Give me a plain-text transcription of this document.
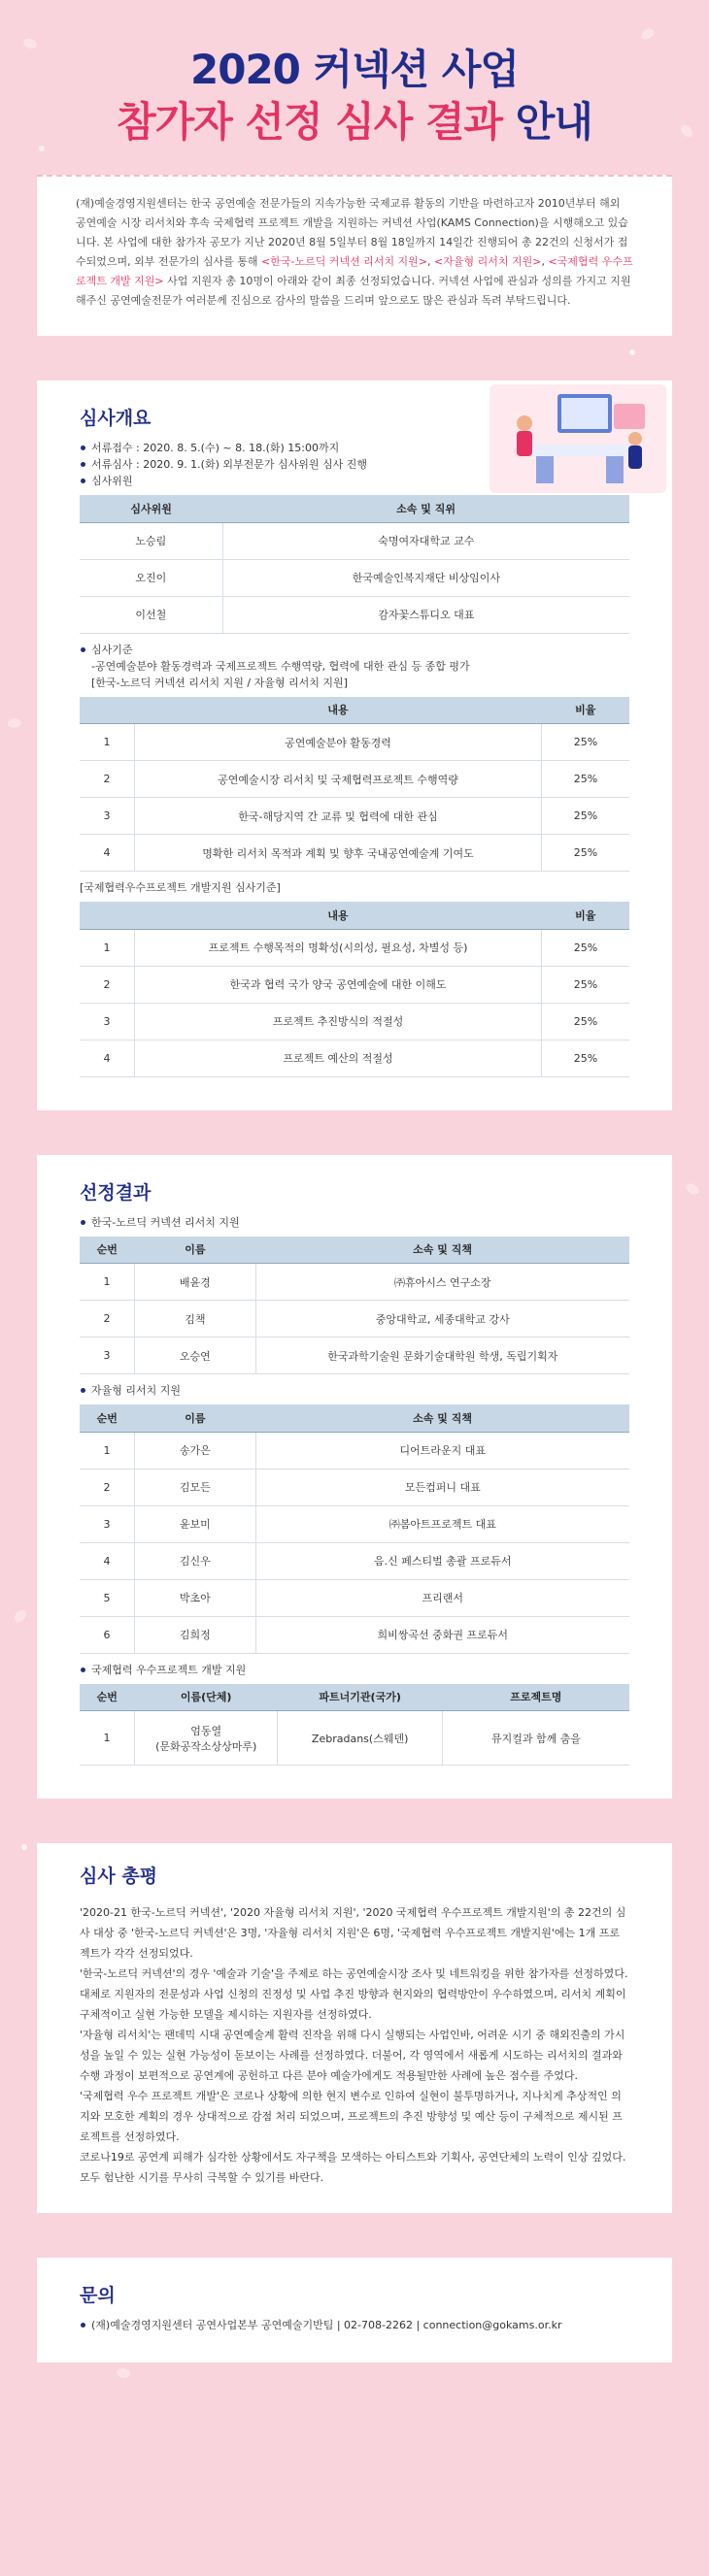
2020 커넥션 사업
참가자 선정 심사 결과 안내

(재)예술경영지원센터는 한국 공연예술 전문가들의 지속가능한 국제교류 활동의 기반을 마련하고자 2010년부터 해외 공연예술 시장 리서치와 후속 국제협력 프로젝트 개발을 지원하는 커넥션 사업(KAMS Connection)을 시행해오고 있습니다. 본 사업에 대한 참가자 공모가 지난 2020년 8월 5일부터 8월 18일까지 14일간 진행되어 총 22건의 신청서가 접수되었으며, 외부 전문가의 심사를 통해 <한국-노르딕 커넥션 리서치 지원>, <자율형 리서치 지원>, <국제협력 우수프로젝트 개발 지원> 사업 지원자 총 10명이 아래와 같이 최종 선정되었습니다. 커넥션 사업에 관심과 성의를 가지고 지원해주신 공연예술전문가 여러분께 진심으로 감사의 말씀을 드리며 앞으로도 많은 관심과 독려 부탁드립니다.

심사개요
서류접수 : 2020. 8. 5.(수) ~ 8. 18.(화) 15:00까지
서류심사 : 2020. 9. 1.(화) 외부전문가 심사위원 심사 진행
심사위원
심사위원	소속 및 직위
노승림	숙명여자대학교 교수
오진이	한국예술인복지재단 비상임이사
이선철	감자꽃스튜디오 대표
심사기준
-공연예술분야 활동경력과 국제프로젝트 수행역량, 협력에 대한 관심 등 종합 평가
[한국-노르딕 커넥션 리서치 지원 / 자율형 리서치 지원]
	내용	비율
1	공연예술분야 활동경력	25%
2	공연예술시장 리서치 및 국제협력프로젝트 수행역량	25%
3	한국-해당지역 간 교류 및 협력에 대한 관심	25%
4	명확한 리서치 목적과 계획 및 향후 국내공연예술계 기여도	25%
[국제협력우수프로젝트 개발지원 심사기준]
	내용	비율
1	프로젝트 수행목적의 명확성(시의성, 필요성, 차별성 등)	25%
2	한국과 협력 국가 양국 공연예술에 대한 이해도	25%
3	프로젝트 추진방식의 적절성	25%
4	프로젝트 예산의 적절성	25%
선정결과
한국-노르딕 커넥션 리서치 지원
순번	이름	소속 및 직책
1	배윤경	㈜휴아시스 연구소장
2	김책	중앙대학교, 세종대학교 강사
3	오승연	한국과학기술원 문화기술대학원 학생, 독립기획자
자율형 리서치 지원
순번	이름	소속 및 직책
1	송가은	디어트라운지 대표
2	김모든	모든컴퍼니 대표
3	윤보미	㈜봄아트프로젝트 대표
4	김신우	음.신 페스티벌 총괄 프로듀서
5	박초아	프리랜서
6	김희정	희비쌍곡선 중화권 프로듀서
국제협력 우수프로젝트 개발 지원
순번	이름(단체)	파트너기관(국가)	프로젝트명
1	엄동열
(문화공작소상상마루)	Zebradans(스웨덴)	뮤지컬과 함께 춤을
심사 총평

'2020-21 한국-노르딕 커넥션', '2020 자율형 리서치 지원', '2020 국제협력 우수프로젝트 개발지원'의 총 22건의 심사 대상 중 '한국-노르딕 커넥션'은 3명, '자율형 리서치 지원'은 6명, '국제협력 우수프로젝트 개발지원'에는 1개 프로젝트가 각각 선정되었다.

'한국-노르딕 커넥션'의 경우 '예술과 기술'을 주제로 하는 공연예술시장 조사 및 네트워킹을 위한 참가자를 선정하였다. 대체로 지원자의 전문성과 사업 신청의 진정성 및 사업 추진 방향과 현지와의 협력방안이 우수하였으며, 리서치 계획이 구체적이고 실현 가능한 모델을 제시하는 지원자를 선정하였다.

'자율형 리서치'는 팬데믹 시대 공연예술계 활력 진작을 위해 다시 실행되는 사업인바, 어려운 시기 중 해외진출의 가시성을 높일 수 있는 실현 가능성이 돋보이는 사례를 선정하였다. 더불어, 각 영역에서 새롭게 시도하는 리서치의 결과와 수행 과정이 보편적으로 공연계에 공헌하고 다른 분야 예술가에게도 적용될만한 사례에 높은 점수를 주었다.

'국제협력 우수 프로젝트 개발'은 코로나 상황에 의한 현지 변수로 인하여 실현이 불투명하거나, 지나치게 추상적인 의지와 모호한 계획의 경우 상대적으로 감점 처리 되었으며, 프로젝트의 추진 방향성 및 예산 등이 구체적으로 제시된 프로젝트를 선정하였다.

코로나19로 공연계 피해가 심각한 상황에서도 자구책을 모색하는 아티스트와 기획사, 공연단체의 노력이 인상 깊었다. 모두 험난한 시기를 무사히 극복할 수 있기를 바란다.

문의
(재)예술경영지원센터 공연사업본부 공연예술기반팀 | 02-708-2262 | connection@gokams.or.kr
